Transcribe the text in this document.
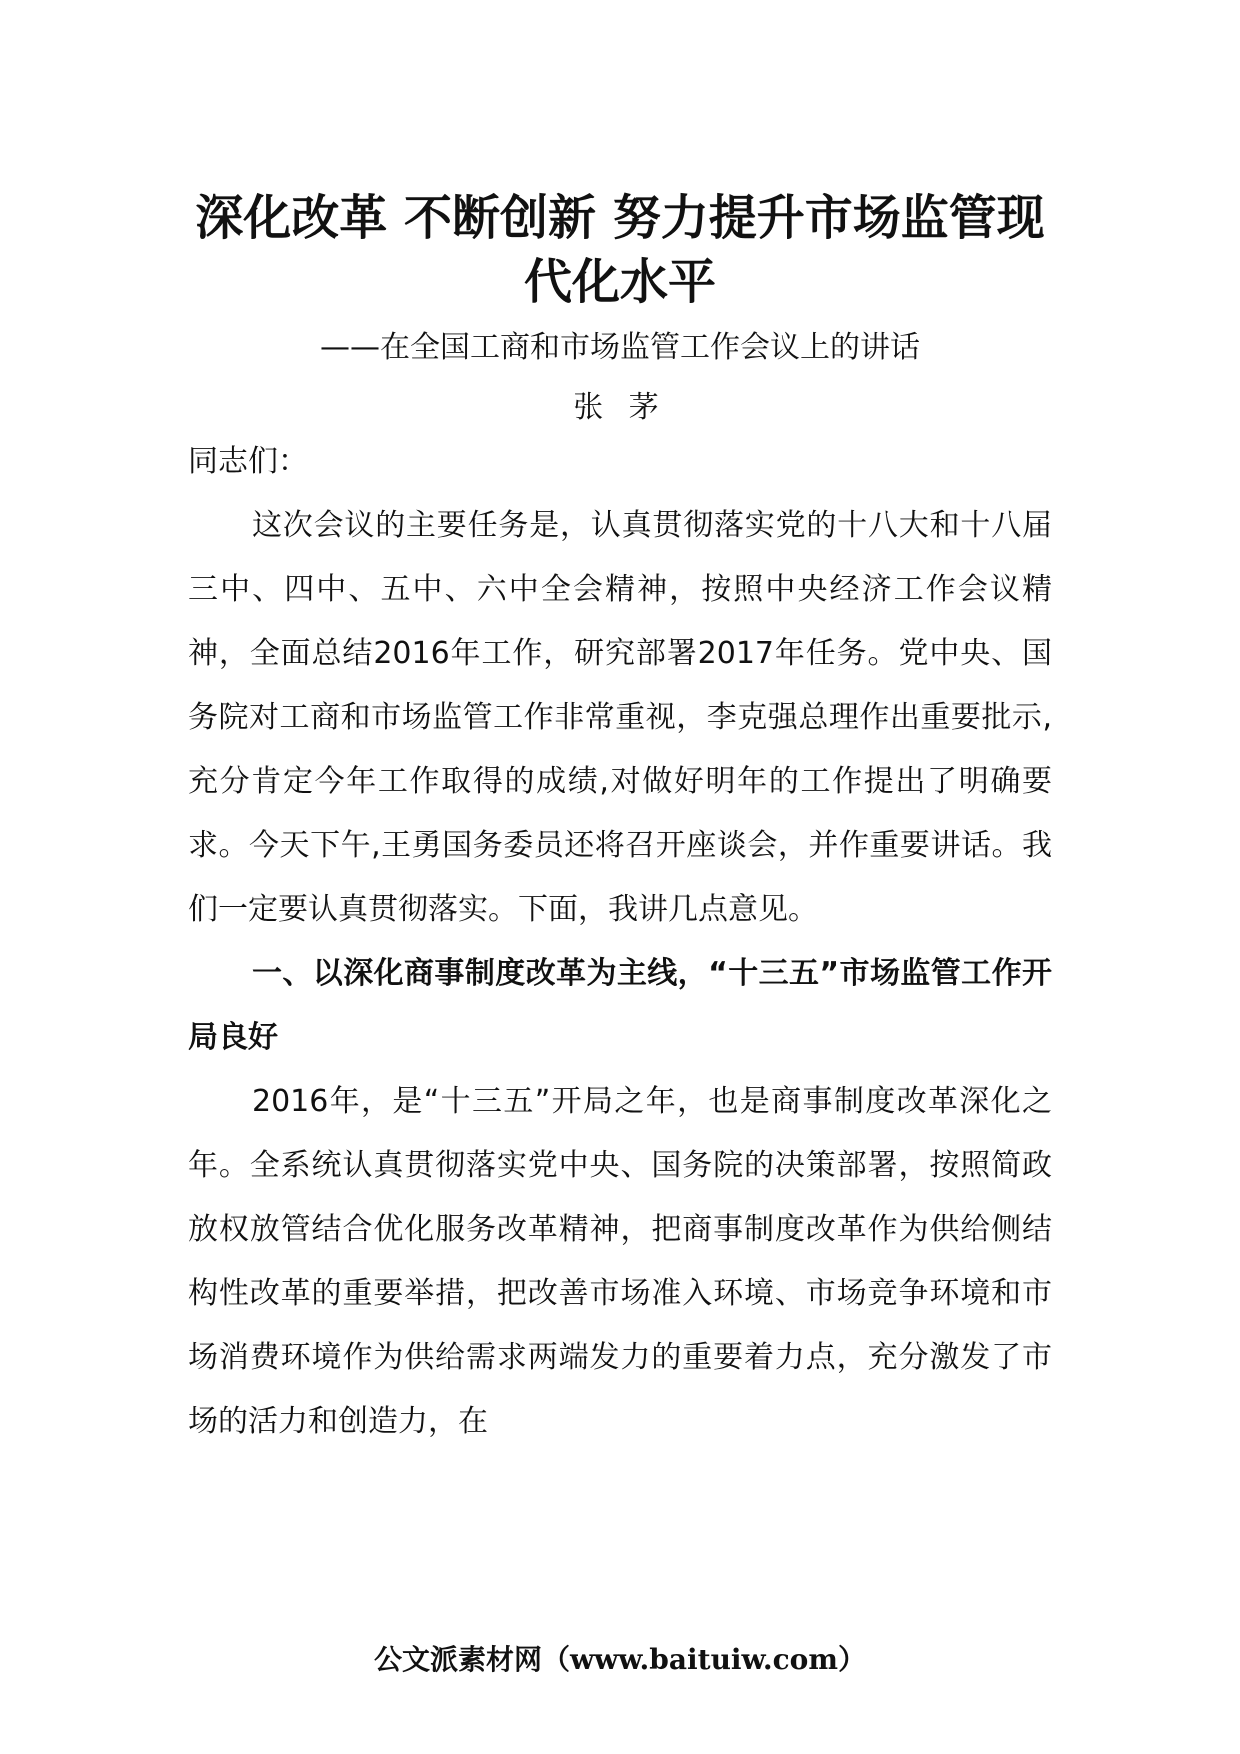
深化改革 不断创新 努力提升市场监管现代化水平

——在全国工商和市场监管工作会议上的讲话

张 茅

同志们：

这次会议的主要任务是，认真贯彻落实党的十八大和十八届三中、四中、五中、六中全会精神，按照中央经济工作会议精神，全面总结2016年工作，研究部署2017年任务。党中央、国务院对工商和市场监管工作非常重视，李克强总理作出重要批示,充分肯定今年工作取得的成绩,对做好明年的工作提出了明确要求。今天下午,王勇国务委员还将召开座谈会，并作重要讲话。我们一定要认真贯彻落实。下面，我讲几点意见。

一、以深化商事制度改革为主线，“十三五”市场监管工作开局良好

2016年，是“十三五”开局之年，也是商事制度改革深化之年。全系统认真贯彻落实党中央、国务院的决策部署，按照简政放权放管结合优化服务改革精神，把商事制度改革作为供给侧结构性改革的重要举措，把改善市场准入环境、市场竞争环境和市场消费环境作为供给需求两端发力的重要着力点，充分激发了市场的活力和创造力，在

公文派素材网（www.baituiw.com）
